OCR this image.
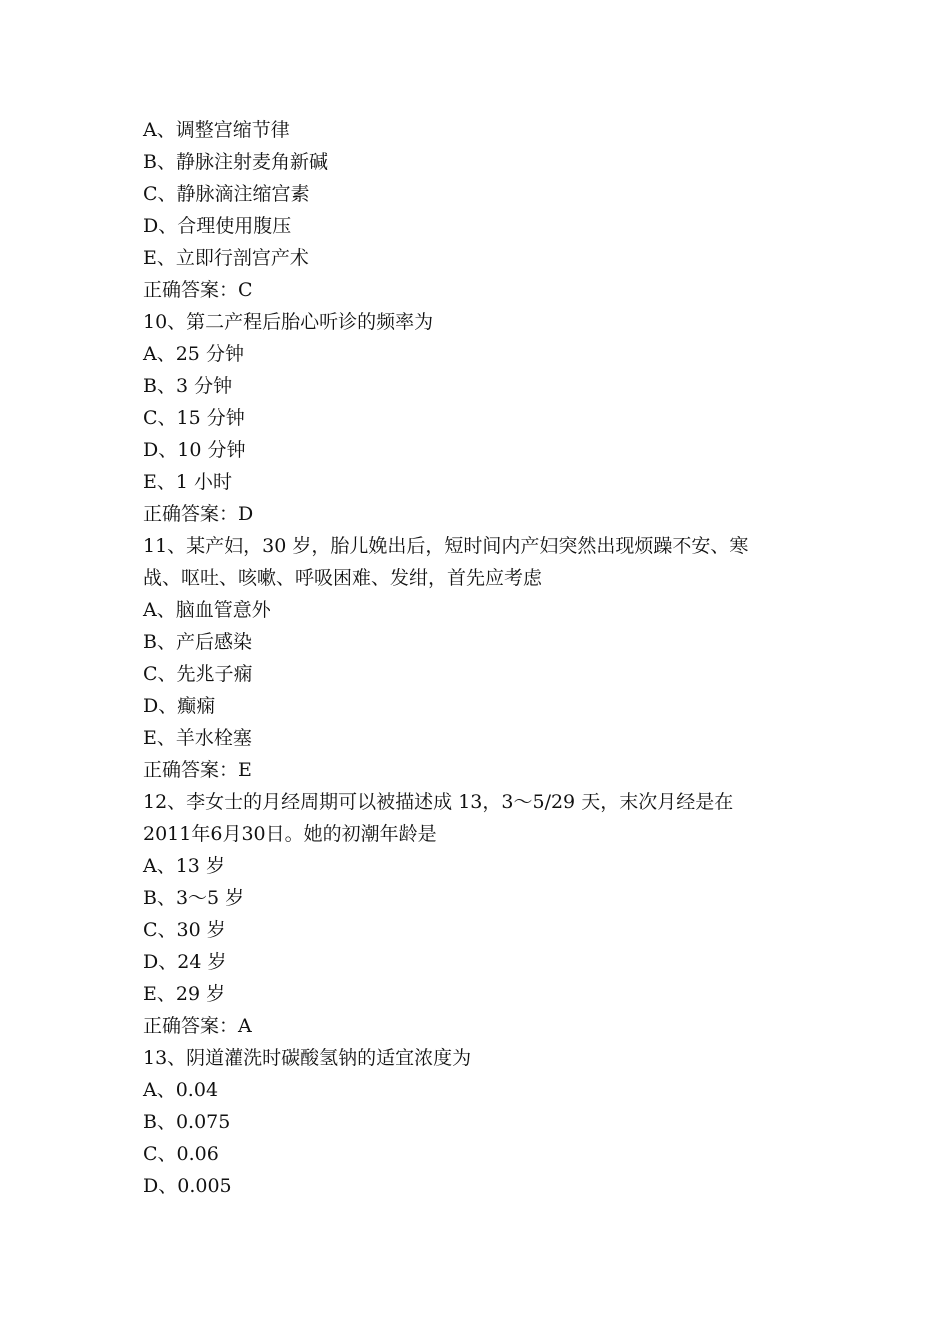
A、调整宫缩节律
B、静脉注射麦角新碱
C、静脉滴注缩宫素
D、合理使用腹压
E、立即行剖宫产术
正确答案：C
10、第二产程后胎心听诊的频率为
A、25 分钟
B、3 分钟
C、15 分钟
D、10 分钟
E、1 小时
正确答案：D
11、某产妇，30 岁，胎儿娩出后，短时间内产妇突然出现烦躁不安、寒
战、呕吐、咳嗽、呼吸困难、发绀，首先应考虑
A、脑血管意外
B、产后感染
C、先兆子痫
D、癫痫
E、羊水栓塞
正确答案：E
12、李女士的月经周期可以被描述成 13，3～5/29 天，末次月经是在
2011年6月30日。她的初潮年龄是
A、13 岁
B、3～5 岁
C、30 岁
D、24 岁
E、29 岁
正确答案：A
13、阴道灌洗时碳酸氢钠的适宜浓度为
A、0.04
B、0.075
C、0.06
D、0.005
